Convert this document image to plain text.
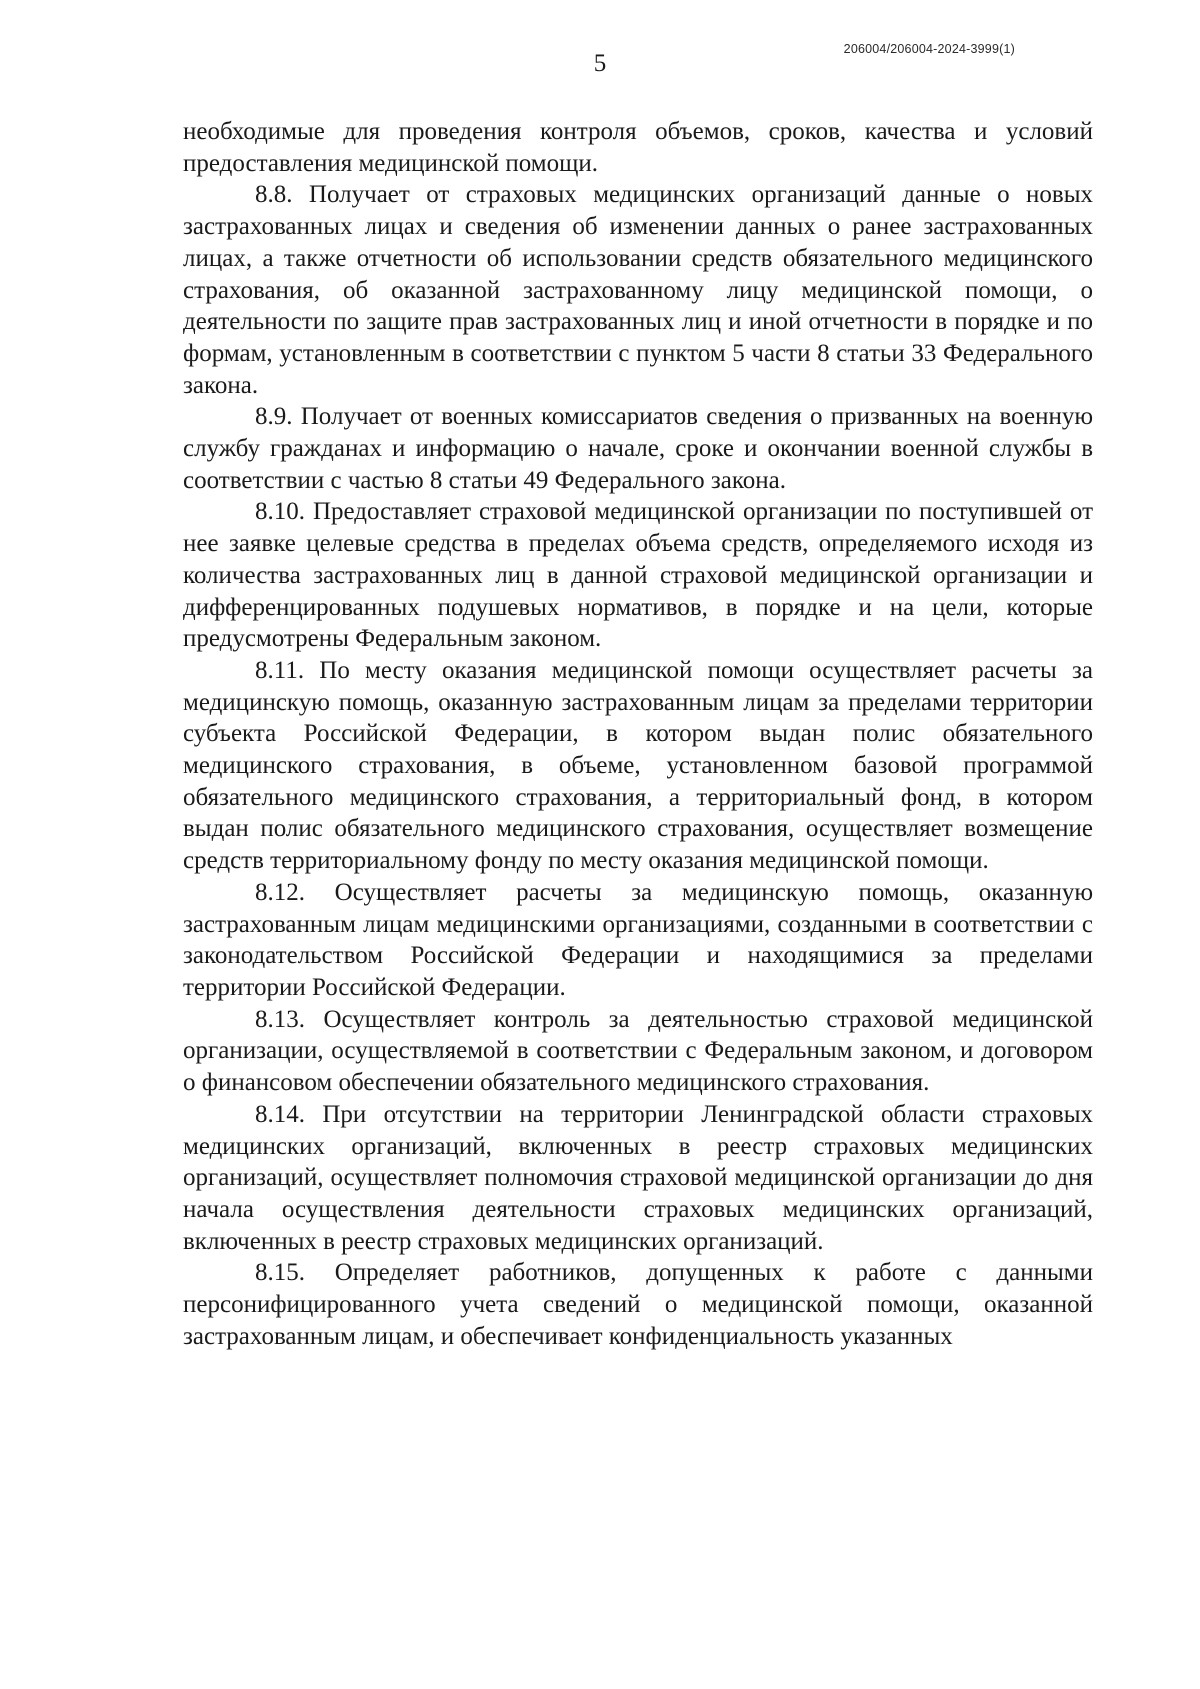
206004/206004-2024-3999(1)
5

необходимые для проведения контроля объемов, сроков, качества и условий предоставления медицинской помощи.

8.8. Получает от страховых медицинских организаций данные о новых застрахованных лицах и сведения об изменении данных о ранее застрахованных лицах, а также отчетности об использовании средств обязательного медицинского страхования, об оказанной застрахованному лицу медицинской помощи, о деятельности по защите прав застрахованных лиц и иной отчетности в порядке и по формам, установленным в соответствии с пунктом 5 части 8 статьи 33 Федерального закона.

8.9. Получает от военных комиссариатов сведения о призванных на военную службу гражданах и информацию о начале, сроке и окончании военной службы в соответствии с частью 8 статьи 49 Федерального закона.

8.10. Предоставляет страховой медицинской организации по поступившей от нее заявке целевые средства в пределах объема средств, определяемого исходя из количества застрахованных лиц в данной страховой медицинской организации и дифференцированных подушевых нормативов, в порядке и на цели, которые предусмотрены Федеральным законом.

8.11. По месту оказания медицинской помощи осуществляет расчеты за медицинскую помощь, оказанную застрахованным лицам за пределами территории субъекта Российской Федерации, в котором выдан полис обязательного медицинского страхования, в объеме, установленном базовой программой обязательного медицинского страхования, а территориальный фонд, в котором выдан полис обязательного медицинского страхования, осуществляет возмещение средств территориальному фонду по месту оказания медицинской помощи.

8.12. Осуществляет расчеты за медицинскую помощь, оказанную застрахованным лицам медицинскими организациями, созданными в соответствии с законодательством Российской Федерации и находящимися за пределами территории Российской Федерации.

8.13. Осуществляет контроль за деятельностью страховой медицинской организации, осуществляемой в соответствии с Федеральным законом, и договором о финансовом обеспечении обязательного медицинского страхования.

8.14. При отсутствии на территории Ленинградской области страховых медицинских организаций, включенных в реестр страховых медицинских организаций, осуществляет полномочия страховой медицинской организации до дня начала осуществления деятельности страховых медицинских организаций, включенных в реестр страховых медицинских организаций.

8.15. Определяет работников, допущенных к работе с данными персонифицированного учета сведений о медицинской помощи, оказанной застрахованным лицам, и обеспечивает конфиденциальность указанных
